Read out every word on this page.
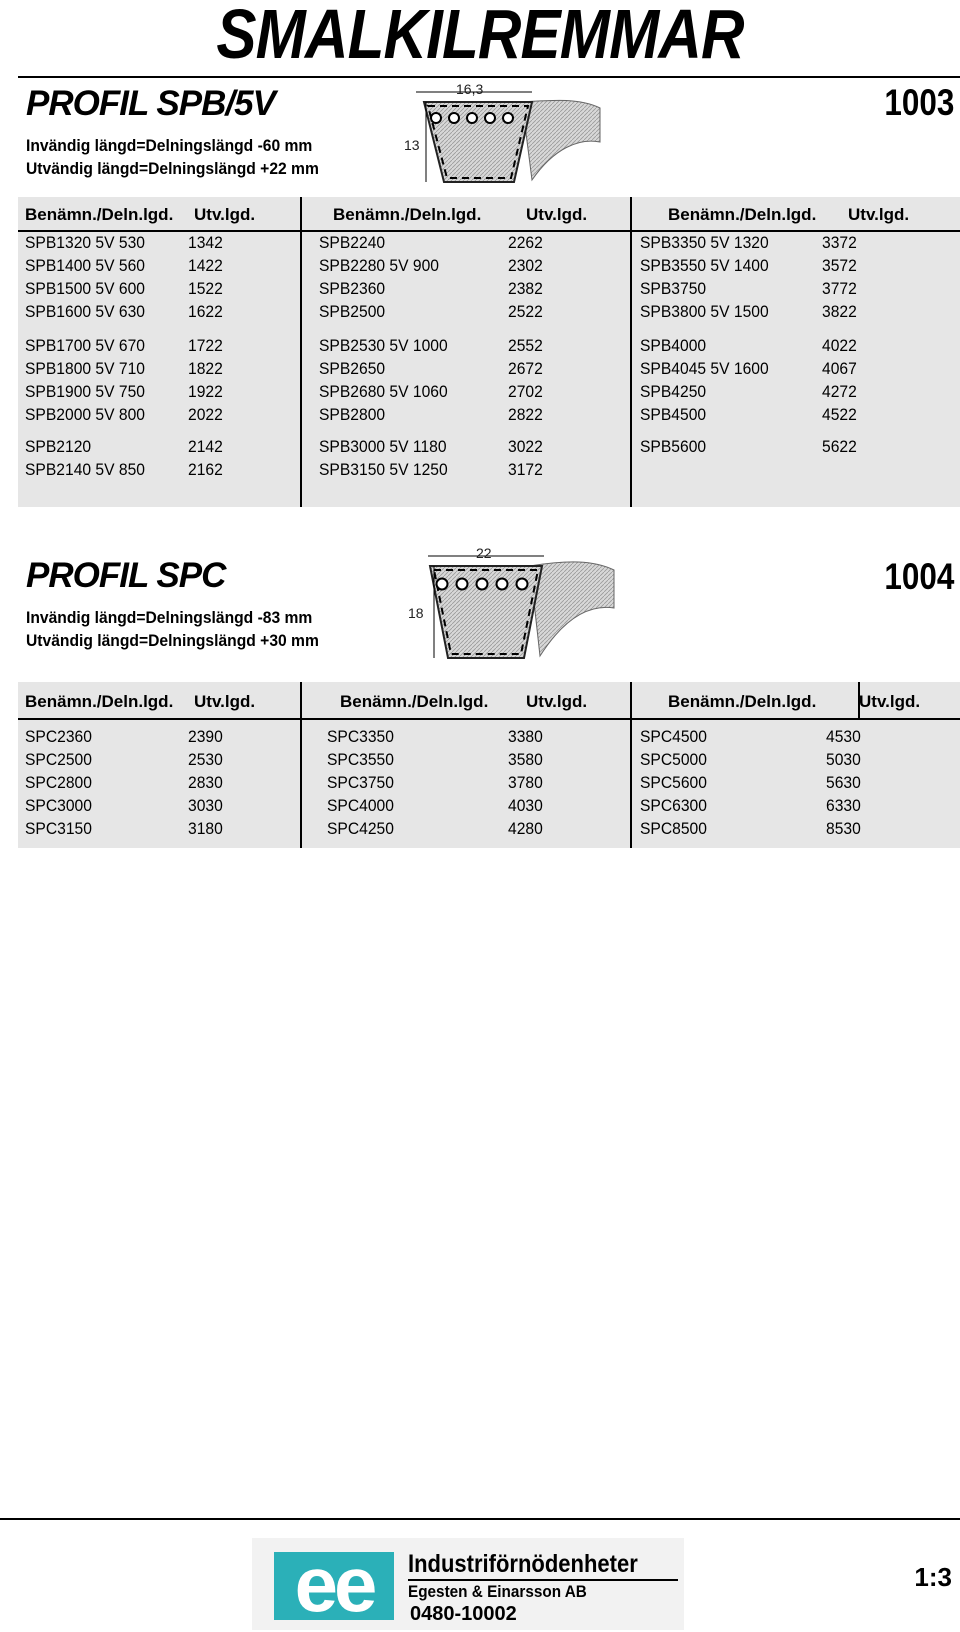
SMALKILREMMAR
PROFIL SPB/5V	1003
Invändig längd=Delningslängd -60 mm
Utvändig längd=Delningslängd +22 mm
16,3
13
Benämn./Deln.lgd. Utv.lgd.	Benämn./Deln.lgd.	Utv.lgd.	Benämn./Deln.lgd. Utv.lgd.
SPB1320 5V 530	1342
SPB1400 5V 560	1422
SPB1500 5V 600	1522
SPB1600 5V 630	1622
SPB1700 5V 670	1722
SPB1800 5V 710	1822
SPB1900 5V 750	1922
SPB2000 5V 800	2022
SPB2120	2142
SPB2140 5V 850	2162
SPB2240	2262
SPB2280 5V 900	2302
SPB2360	2382
SPB2500	2522
SPB2530 5V 1000	2552
SPB2650	2672
SPB2680 5V 1060	2702
SPB2800	2822
SPB3000 5V 1180	3022
SPB3150 5V 1250	3172
SPB3350 5V 1320	3372
SPB3550 5V 1400	3572
SPB3750	3772
SPB3800 5V 1500	3822
SPB4000	4022
SPB4045 5V 1600	4067
SPB4250	4272
SPB4500	4522
SPB5600	5622
PROFIL SPC	1004
Invändig längd=Delningslängd -83 mm
Utvändig längd=Delningslängd +30 mm
22
18
Benämn./Deln.lgd. Utv.lgd.	Benämn./Deln.lgd. Utv.lgd.	Benämn./Deln.lgd.	Utv.lgd.
SPC2360	2390
SPC2500	2530
SPC2800	2830
SPC3000	3030
SPC3150	3180
SPC3350	3380
SPC3550	3580
SPC3750	3780
SPC4000	4030
SPC4250	4280
SPC4500	4530
SPC5000	5030
SPC5600	5630
SPC6300	6330
SPC8500	8530
ee	Industriförnödenheter
Egesten & Einarsson AB
0480-10002
1:3
